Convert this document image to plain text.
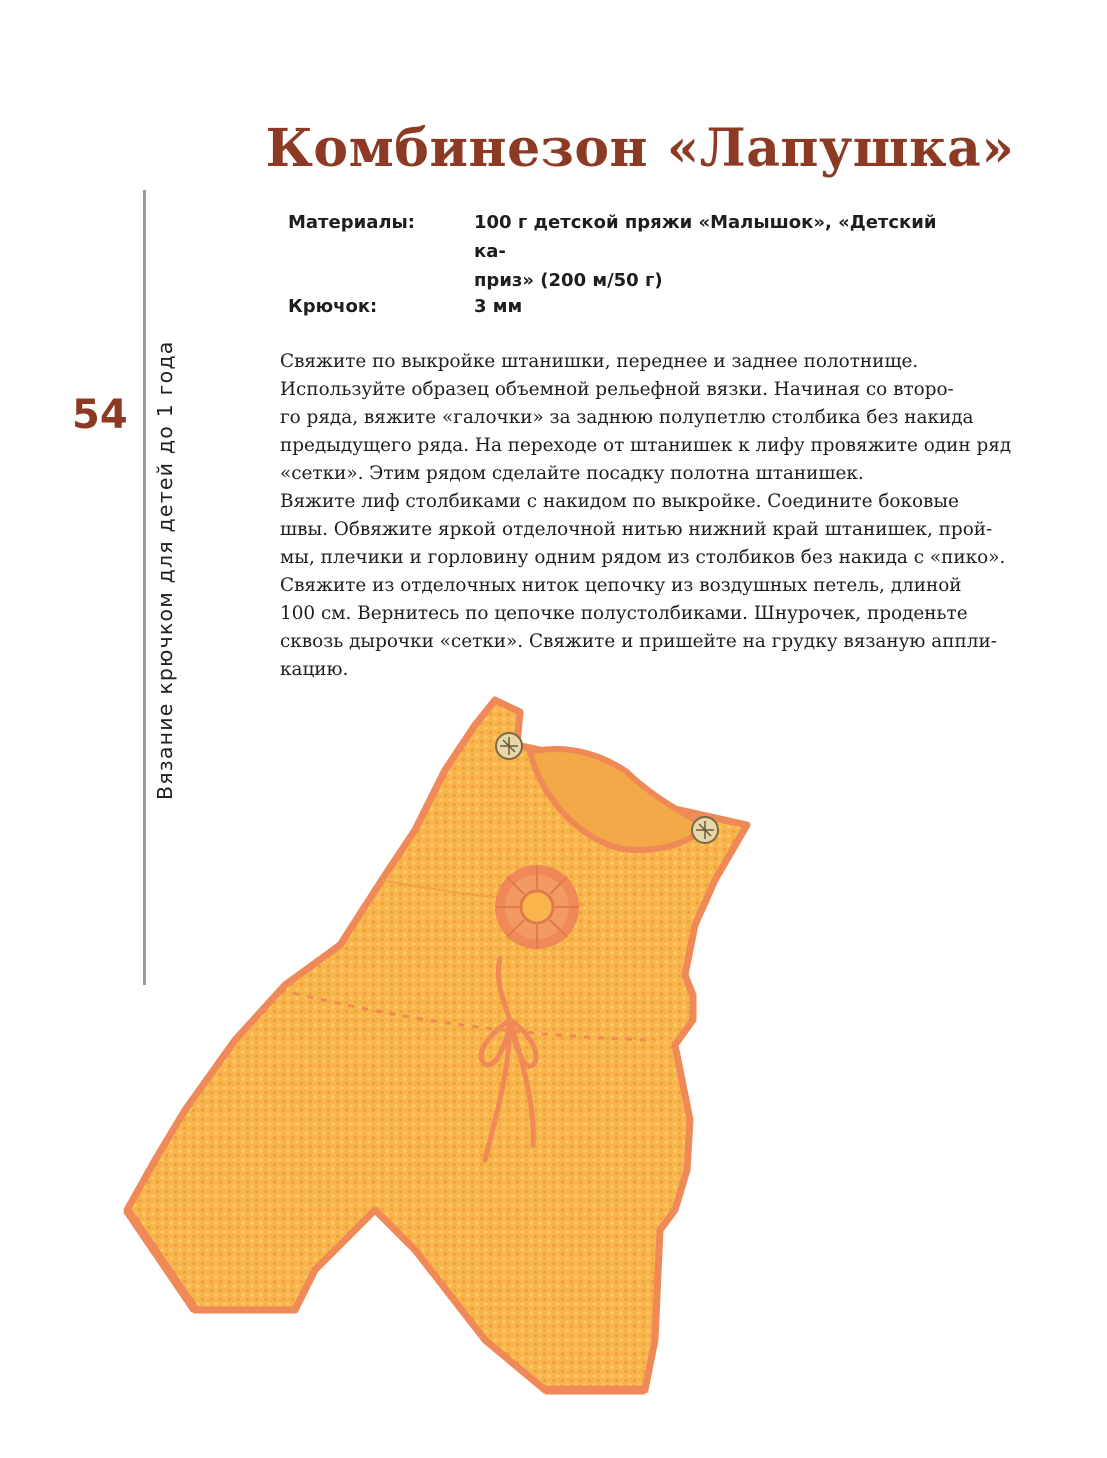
Комбинезон «Лапушка»
54 Вязание крючком для детей до 1 года
Материалы:	100 г детской пряжи «Малышок», «Детский ка-
приз» (200 м/50 г)
Крючок:	3 мм

Свяжите по выкройке штанишки, переднее и заднее полотнище.

Используйте образец объемной рельефной вязки. Начиная со второ-

го ряда, вяжите «галочки» за заднюю полупетлю столбика без накида

предыдущего ряда. На переходе от штанишек к лифу провяжите один ряд

«сетки». Этим рядом сделайте посадку полотна штанишек.

Вяжите лиф столбиками с накидом по выкройке. Соедините боковые

швы. Обвяжите яркой отделочной нитью нижний край штанишек, прой-

мы, плечики и горловину одним рядом из столбиков без накида с «пико».

Свяжите из отделочных ниток цепочку из воздушных петель, длиной

100 см. Вернитесь по цепочке полустолбиками. Шнурочек, проденьте

сквозь дырочки «сетки». Свяжите и пришейте на грудку вязаную аппли-

кацию.
